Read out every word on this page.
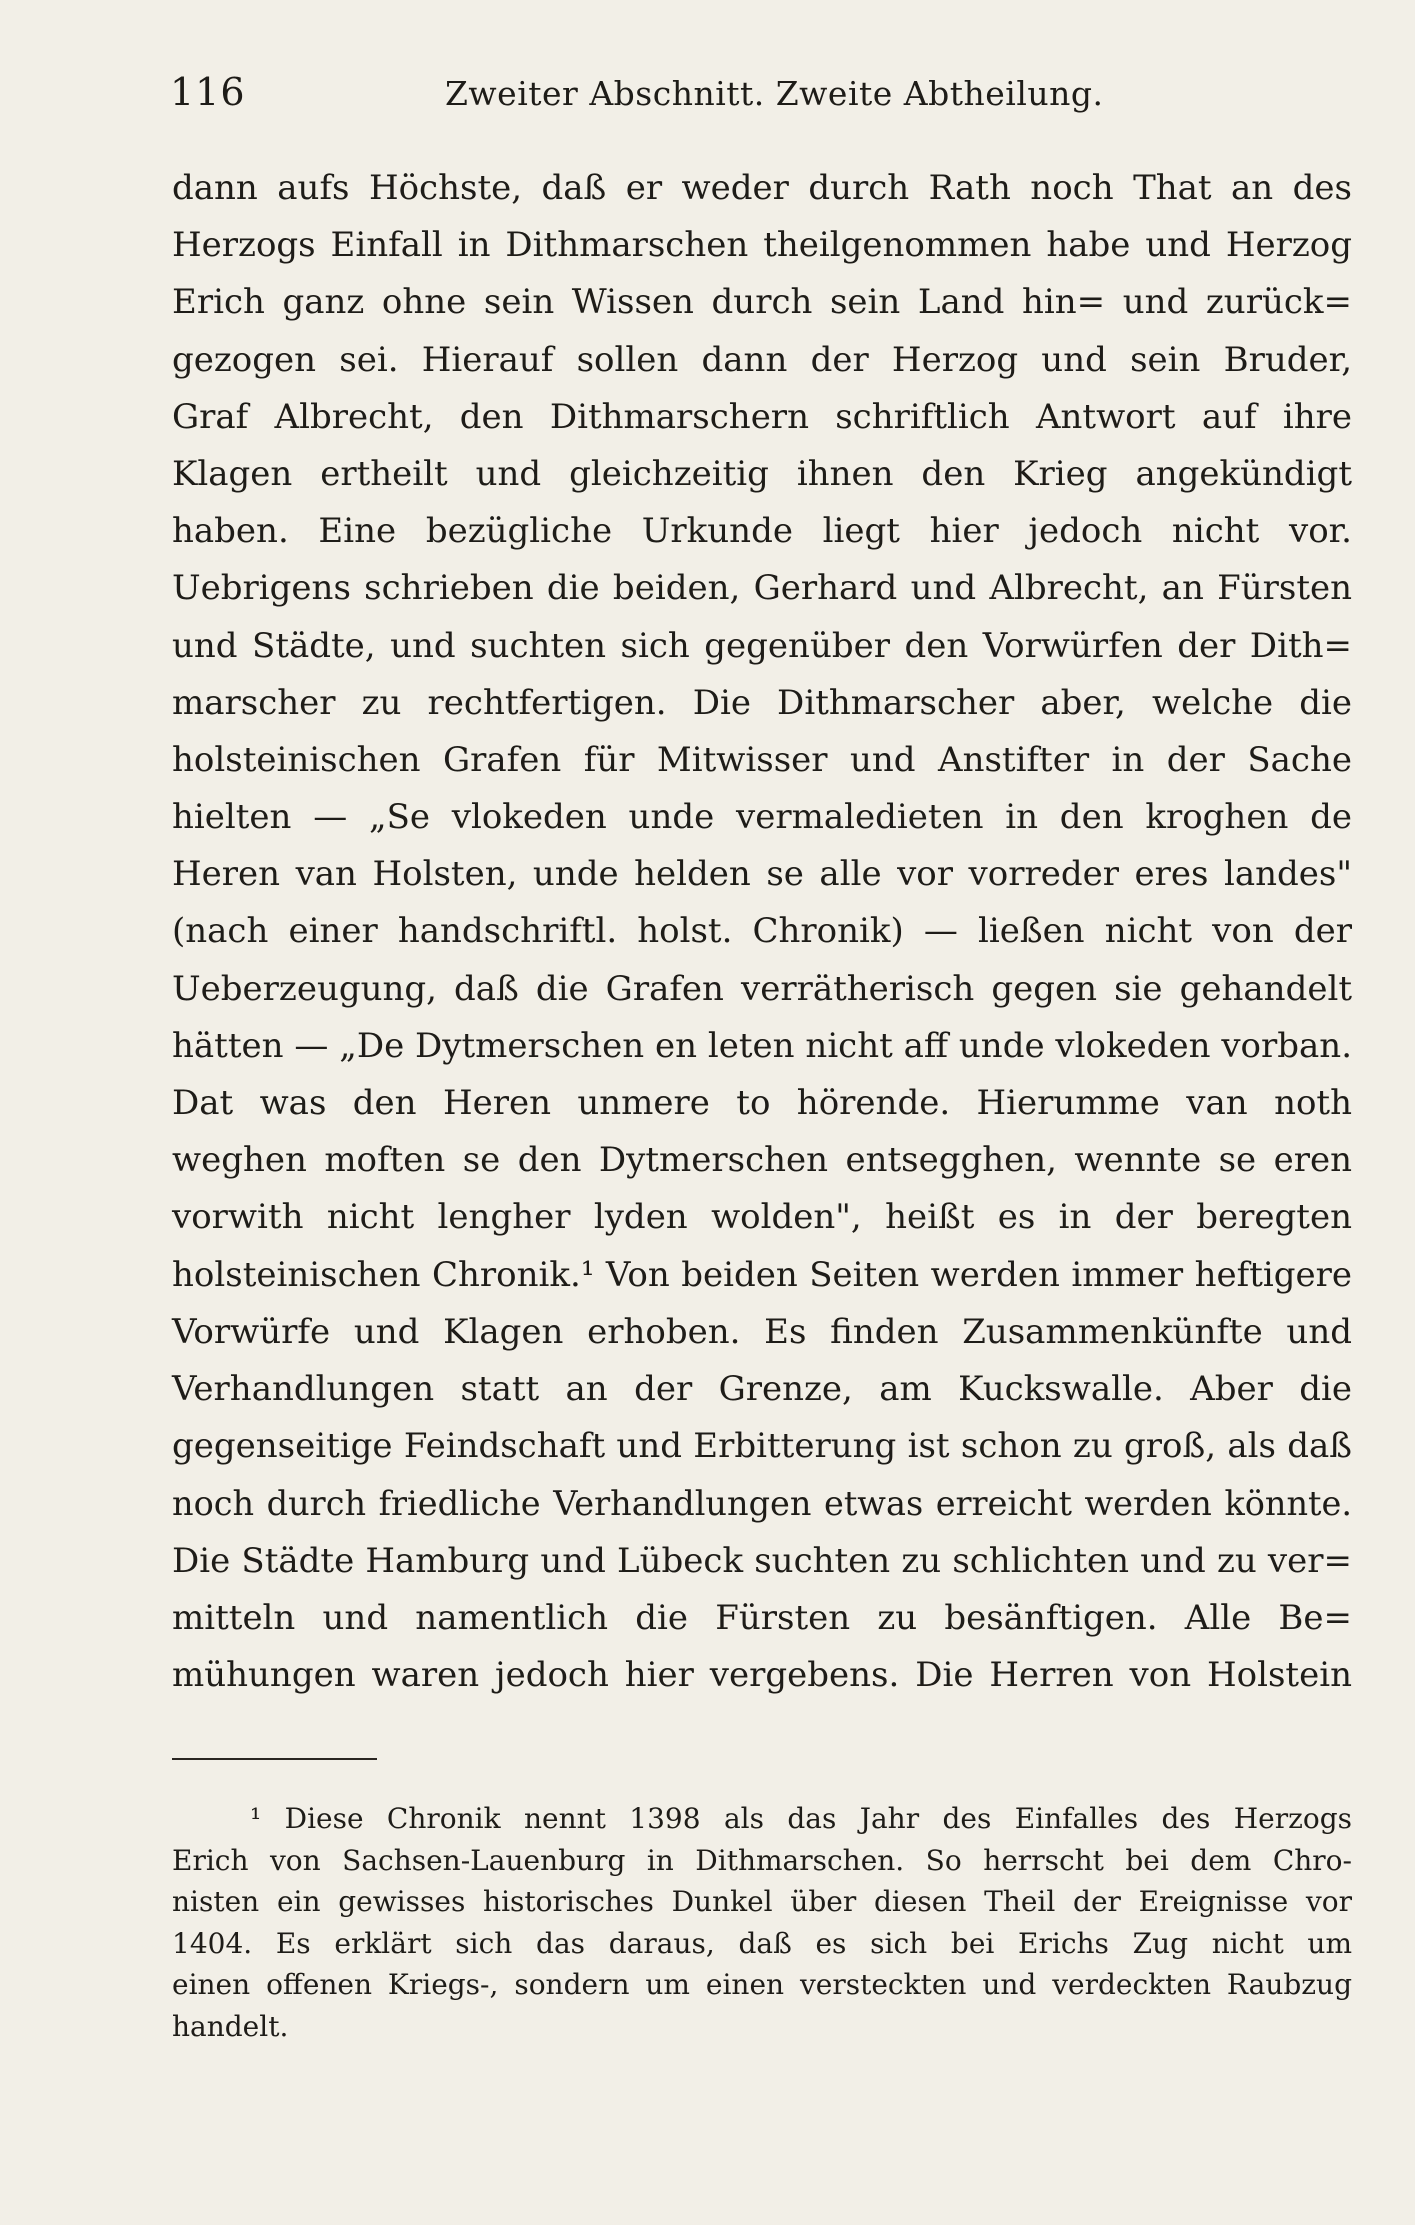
116	Zweiter Abschnitt. Zweite Abtheilung.
dann aufs Höchste, daß er weder durch Rath noch That an des
Herzogs Einfall in Dithmarschen theilgenommen habe und Herzog
Erich ganz ohne sein Wissen durch sein Land hin= und zurück=
gezogen sei. Hierauf sollen dann der Herzog und sein Bruder,
Graf Albrecht, den Dithmarschern schriftlich Antwort auf ihre
Klagen ertheilt und gleichzeitig ihnen den Krieg angekündigt
haben. Eine bezügliche Urkunde liegt hier jedoch nicht vor.
Uebrigens schrieben die beiden, Gerhard und Albrecht, an Fürsten
und Städte, und suchten sich gegenüber den Vorwürfen der Dith=
marscher zu rechtfertigen. Die Dithmarscher aber, welche die
holsteinischen Grafen für Mitwisser und Anstifter in der Sache
hielten — „Se vlokeden unde vermaledieten in den kroghen de
Heren van Holsten, unde helden se alle vor vorreder eres landes"
(nach einer handschriftl. holst. Chronik) — ließen nicht von der
Ueberzeugung, daß die Grafen verrätherisch gegen sie gehandelt
hätten — „De Dytmerschen en leten nicht aff unde vlokeden vorban.
Dat was den Heren unmere to hörende. Hierumme van noth
weghen moften se den Dytmerschen entsegghen, wennte se eren
vorwith nicht lengher lyden wolden", heißt es in der beregten
holsteinischen Chronik.¹ Von beiden Seiten werden immer heftigere
Vorwürfe und Klagen erhoben. Es finden Zusammenkünfte und
Verhandlungen statt an der Grenze, am Kuckswalle. Aber die
gegenseitige Feindschaft und Erbitterung ist schon zu groß, als daß
noch durch friedliche Verhandlungen etwas erreicht werden könnte.
Die Städte Hamburg und Lübeck suchten zu schlichten und zu ver=
mitteln und namentlich die Fürsten zu besänftigen. Alle Be=
mühungen waren jedoch hier vergebens. Die Herren von Holstein
¹ Diese Chronik nennt 1398 als das Jahr des Einfalles des Herzogs
Erich von Sachsen-Lauenburg in Dithmarschen. So herrscht bei dem Chro-
nisten ein gewisses historisches Dunkel über diesen Theil der Ereignisse vor
1404. Es erklärt sich das daraus, daß es sich bei Erichs Zug nicht um
einen offenen Kriegs-, sondern um einen versteckten und verdeckten Raubzug
handelt.
